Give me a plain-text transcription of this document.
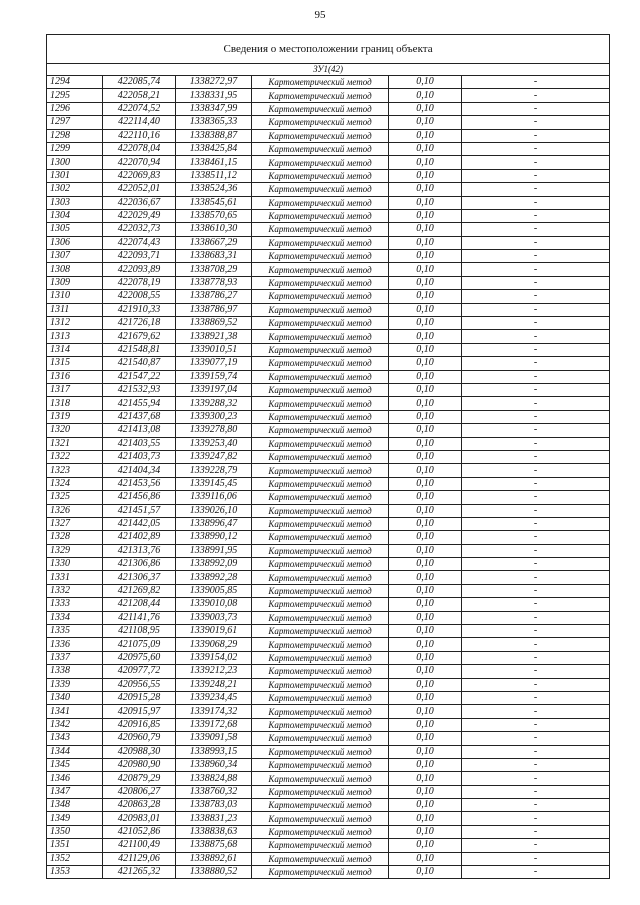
95
Сведения о местоположении границ объекта					
ЗУ1(42)					
1294	422085,74	1338272,97	Картометрический метод	0,10	-
1295	422058,21	1338331,95	Картометрический метод	0,10	-
1296	422074,52	1338347,99	Картометрический метод	0,10	-
1297	422114,40	1338365,33	Картометрический метод	0,10	-
1298	422110,16	1338388,87	Картометрический метод	0,10	-
1299	422078,04	1338425,84	Картометрический метод	0,10	-
1300	422070,94	1338461,15	Картометрический метод	0,10	-
1301	422069,83	1338511,12	Картометрический метод	0,10	-
1302	422052,01	1338524,36	Картометрический метод	0,10	-
1303	422036,67	1338545,61	Картометрический метод	0,10	-
1304	422029,49	1338570,65	Картометрический метод	0,10	-
1305	422032,73	1338610,30	Картометрический метод	0,10	-
1306	422074,43	1338667,29	Картометрический метод	0,10	-
1307	422093,71	1338683,31	Картометрический метод	0,10	-
1308	422093,89	1338708,29	Картометрический метод	0,10	-
1309	422078,19	1338778,93	Картометрический метод	0,10	-
1310	422008,55	1338786,27	Картометрический метод	0,10	-
1311	421910,33	1338786,97	Картометрический метод	0,10	-
1312	421726,18	1338869,52	Картометрический метод	0,10	-
1313	421679,62	1338921,38	Картометрический метод	0,10	-
1314	421548,81	1339010,51	Картометрический метод	0,10	-
1315	421540,87	1339077,19	Картометрический метод	0,10	-
1316	421547,22	1339159,74	Картометрический метод	0,10	-
1317	421532,93	1339197,04	Картометрический метод	0,10	-
1318	421455,94	1339288,32	Картометрический метод	0,10	-
1319	421437,68	1339300,23	Картометрический метод	0,10	-
1320	421413,08	1339278,80	Картометрический метод	0,10	-
1321	421403,55	1339253,40	Картометрический метод	0,10	-
1322	421403,73	1339247,82	Картометрический метод	0,10	-
1323	421404,34	1339228,79	Картометрический метод	0,10	-
1324	421453,56	1339145,45	Картометрический метод	0,10	-
1325	421456,86	1339116,06	Картометрический метод	0,10	-
1326	421451,57	1339026,10	Картометрический метод	0,10	-
1327	421442,05	1338996,47	Картометрический метод	0,10	-
1328	421402,89	1338990,12	Картометрический метод	0,10	-
1329	421313,76	1338991,95	Картометрический метод	0,10	-
1330	421306,86	1338992,09	Картометрический метод	0,10	-
1331	421306,37	1338992,28	Картометрический метод	0,10	-
1332	421269,82	1339005,85	Картометрический метод	0,10	-
1333	421208,44	1339010,08	Картометрический метод	0,10	-
1334	421141,76	1339003,73	Картометрический метод	0,10	-
1335	421108,95	1339019,61	Картометрический метод	0,10	-
1336	421075,09	1339068,29	Картометрический метод	0,10	-
1337	420975,60	1339154,02	Картометрический метод	0,10	-
1338	420977,72	1339212,23	Картометрический метод	0,10	-
1339	420956,55	1339248,21	Картометрический метод	0,10	-
1340	420915,28	1339234,45	Картометрический метод	0,10	-
1341	420915,97	1339174,32	Картометрический метод	0,10	-
1342	420916,85	1339172,68	Картометрический метод	0,10	-
1343	420960,79	1339091,58	Картометрический метод	0,10	-
1344	420988,30	1338993,15	Картометрический метод	0,10	-
1345	420980,90	1338960,34	Картометрический метод	0,10	-
1346	420879,29	1338824,88	Картометрический метод	0,10	-
1347	420806,27	1338760,32	Картометрический метод	0,10	-
1348	420863,28	1338783,03	Картометрический метод	0,10	-
1349	420983,01	1338831,23	Картометрический метод	0,10	-
1350	421052,86	1338838,63	Картометрический метод	0,10	-
1351	421100,49	1338875,68	Картометрический метод	0,10	-
1352	421129,06	1338892,61	Картометрический метод	0,10	-
1353	421265,32	1338880,52	Картометрический метод	0,10	-
